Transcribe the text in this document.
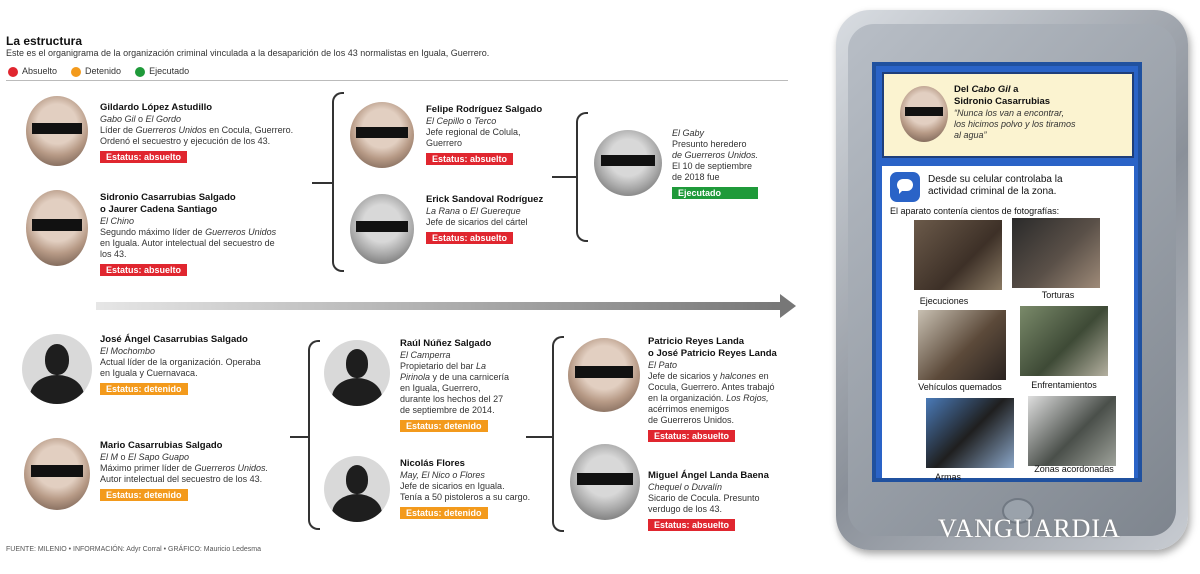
La estructura
Este es el organigrama de la organización criminal vinculada a la desaparición de los 43 normalistas en Iguala, Guerrero.
Absuelto	Detenido	Ejecutado
Gildardo López Astudillo
Gabo Gil o El Gordo
Líder de Guerreros Unidos en Cocula, Guerrero.
Ordenó el secuestro y ejecución de los 43.
Estatus: absuelto
Sidronio Casarrubias Salgado
o Jaurer Cadena Santiago
El Chino
Segundo máximo líder de Guerreros Unidos
en Iguala. Autor intelectual del secuestro de
los 43.
Estatus: absuelto
Felipe Rodríguez Salgado
El Cepillo o Terco
Jefe regional de Colula,
Guerrero
Estatus: absuelto
Erick Sandoval Rodríguez
La Rana o El Guereque
Jefe de sicarios del cártel
Estatus: absuelto
El Gaby
Presunto heredero
de Guerreros Unidos.
El 10 de septiembre
de 2018 fue
Ejecutado
José Ángel Casarrubias Salgado
El Mochombo
Actual líder de la organización. Operaba
en Iguala y Cuernavaca.
Estatus: detenido
Mario Casarrubias Salgado
El M o El Sapo Guapo
Máximo primer líder de Guerreros Unidos.
Autor intelectual del secuestro de los 43.
Estatus: detenido
Raúl Núñez Salgado
El Camperra
Propietario del bar La
Pirinola y de una carnicería
en Iguala, Guerrero,
durante los hechos del 27
de septiembre de 2014.
Estatus: detenido
Nicolás Flores
May, El Nico o Flores
Jefe de sicarios en Iguala.
Tenía a 50 pistoleros a su cargo.
Estatus: detenido
Patricio Reyes Landa
o José Patricio Reyes Landa
El Pato
Jefe de sicarios y halcones en
Cocula, Guerrero. Antes trabajó
en la organización. Los Rojos,
acérrimos enemigos
de Guerreros Unidos.
Estatus: absuelto
Miguel Ángel Landa Baena
Chequel o Duvalín
Sicario de Cocula. Presunto
verdugo de los 43.
Estatus: absuelto
FUENTE: MILENIO • INFORMACIÓN: Adyr Corral • GRÁFICO: Mauricio Ledesma
Del Cabo Gil a
Sidronio Casarrubias
“Nunca los van a encontrar,
los hicimos polvo y los tiramos
al agua”
Desde su celular controlaba la
actividad criminal de la zona.
El aparato contenía cientos de fotografías:
Ejecuciones
Torturas
Vehículos quemados	Enfrentamientos
Armas
Zonas acordonadas
VANGUARDIA
